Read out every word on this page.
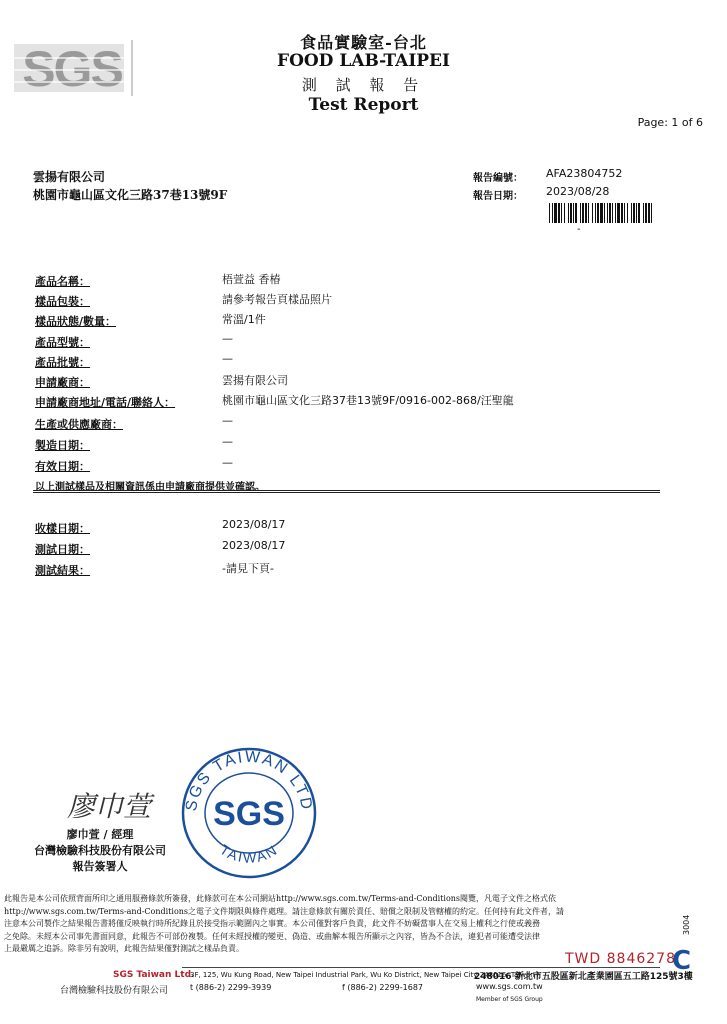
SGS	食品實驗室-台北
FOOD LAB-TAIPEI
測 試 報 告
Test Report
Page: 1 of 6
雲揚有限公司
桃園市龜山區文化三路37巷13號9F
報告編號： AFA23804752
報告日期： 2023/08/28
-
產品名稱：	梧萱益 香椿
樣品包裝：	請參考報告頁樣品照片
樣品狀態/數量：	常溫/1件
產品型號：	—
產品批號：	—
申請廠商：	雲揚有限公司
申請廠商地址/電話/聯絡人：	桃園市龜山區文化三路37巷13號9F/0916-002-868/汪聖龍
生產或供應廠商：	—
製造日期：	—
有效日期：	—
以上測試樣品及相關資訊係由申請廠商提供並確認。
收樣日期：	2023/08/17
測試日期：	2023/08/17
測試結果：	-請見下頁-
廖巾萱
廖巾萱 / 經理
台灣檢驗科技股份有限公司
報告簽署人
SGS TAIWAN LTD
SGS
TAIWAN
此報告是本公司依照背面所印之通用服務條款所簽發，此條款可在本公司網站http://www.sgs.com.tw/Terms-and-Conditions閱覽，凡電子文件之格式依
http://www.sgs.com.tw/Terms-and-Conditions之電子文件期限與條件處理。請注意條款有關於責任、賠償之限制及管轄權的約定。任何持有此文件者，請
注意本公司製作之結果報告書將僅反映執行時所紀錄且於接受指示範圍內之事實。本公司僅對客戶負責，此文件不妨礙當事人在交易上權利之行使或義務
之免除。未經本公司事先書面同意，此報告不可部份複製。任何未經授權的變更、偽造、或曲解本報告所顯示之內容，皆為不合法，違犯者可能遭受法律
上最嚴厲之追訴。除非另有說明，此報告結果僅對測試之樣品負責。
SGS Taiwan Ltd.
台灣檢驗科技股份有限公司
3F, 125, Wu Kung Road, New Taipei Industrial Park, Wu Ko District, New Taipei City 248016, Taiwan /
248016 新北市五股區新北產業園區五工路125號3樓
t (886-2) 2299-3939	f (886-2) 2299-1687	www.sgs.com.tw
Member of SGS Group
TWD 8846278
C
3004
